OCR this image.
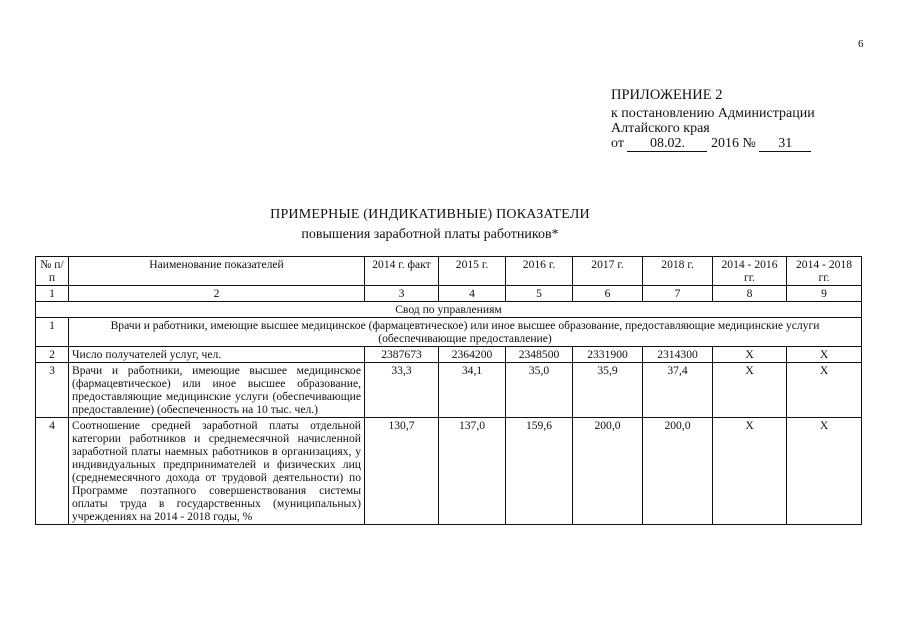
6
ПРИЛОЖЕНИЕ 2
к постановлению Администрации
Алтайского края
от 08.02. 2016 № 31
ПРИМЕРНЫЕ (ИНДИКАТИВНЫЕ) ПОКАЗАТЕЛИ
повышения заработной платы работников*
№ п/п	Наименование показателей	2014 г. факт	2015 г.	2016 г.	2017 г.	2018 г.	2014 - 2016 гг.	2014 - 2018 гг.
1	2	3	4	5	6	7	8	9
Свод по управлениям								
1	Врачи и работники, имеющие высшее медицинское (фармацевтическое) или иное высшее образование, предоставляющие медицинские услуги (обеспечивающие предоставление)							
2	Число получателей услуг, чел.	2387673	2364200	2348500	2331900	2314300	Х	Х
3	Врачи и работники, имеющие высшее медицинское (фармацевтическое) или иное высшее образование, предоставляющие медицинские услуги (обеспечивающие предоставление) (обеспеченность на 10 тыс. чел.)	33,3	34,1	35,0	35,9	37,4	Х	Х
4	Соотношение средней заработной платы отдельной категории работников и среднемесячной начисленной заработной платы наемных работников в организациях, у индивидуальных предпринимателей и физических лиц (среднемесячного дохода от трудовой деятельности) по Программе поэтапного совершенствования системы оплаты труда в государственных (муниципальных) учреждениях на 2014 - 2018 годы, %	130,7	137,0	159,6	200,0	200,0	Х	Х
